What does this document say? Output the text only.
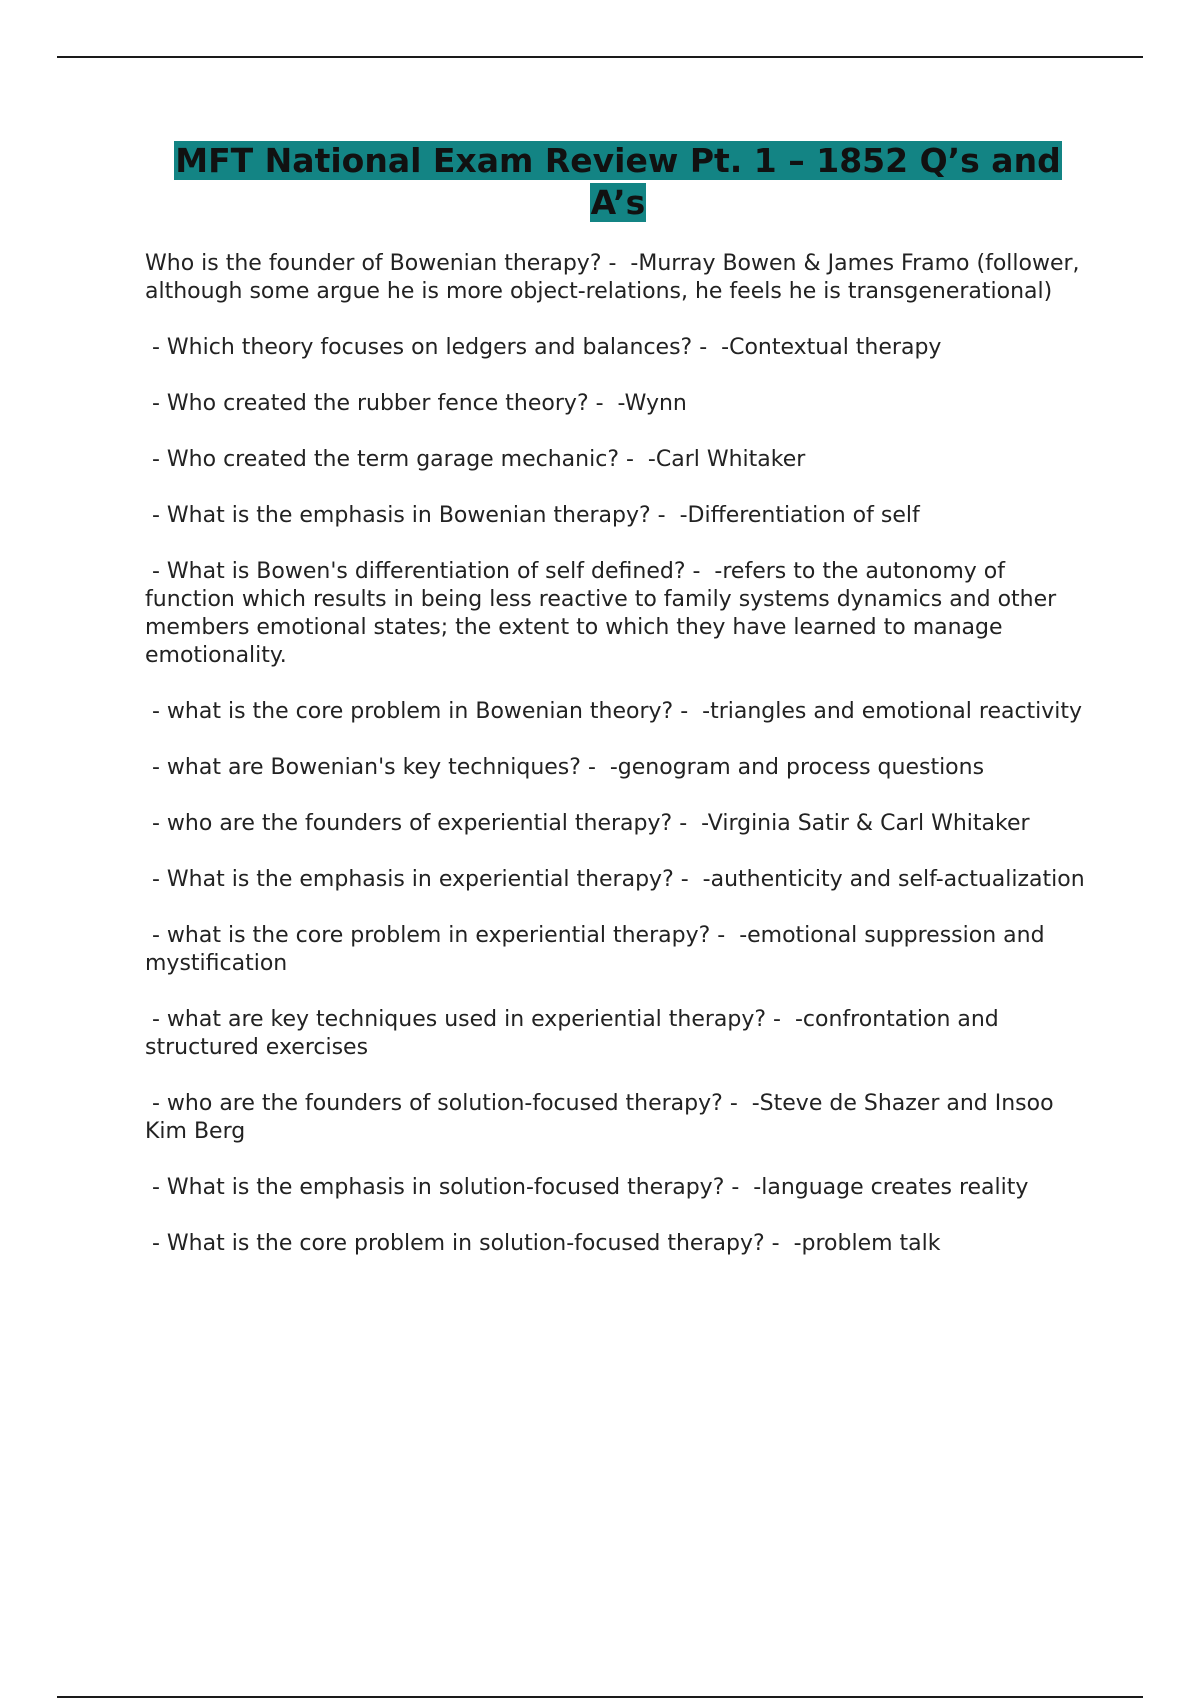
MFT National Exam Review Pt. 1 – 1852 Q’s and A’s

Who is the founder of Bowenian therapy? -  -Murray Bowen & James Framo (follower, although some argue he is more object-relations, he feels he is transgenerational)

- Which theory focuses on ledgers and balances? -  -Contextual therapy

- Who created the rubber fence theory? -  -Wynn

- Who created the term garage mechanic? -  -Carl Whitaker

- What is the emphasis in Bowenian therapy? -  -Differentiation of self

- What is Bowen's differentiation of self defined? -  -refers to the autonomy of function which results in being less reactive to family systems dynamics and other members emotional states; the extent to which they have learned to manage emotionality.

- what is the core problem in Bowenian theory? -  -triangles and emotional reactivity

- what are Bowenian's key techniques? -  -genogram and process questions

- who are the founders of experiential therapy? -  -Virginia Satir & Carl Whitaker

- What is the emphasis in experiential therapy? -  -authenticity and self-actualization

- what is the core problem in experiential therapy? -  -emotional suppression and mystification

- what are key techniques used in experiential therapy? -  -confrontation and structured exercises

- who are the founders of solution-focused therapy? -  -Steve de Shazer and Insoo Kim Berg

- What is the emphasis in solution-focused therapy? -  -language creates reality

- What is the core problem in solution-focused therapy? -  -problem talk
